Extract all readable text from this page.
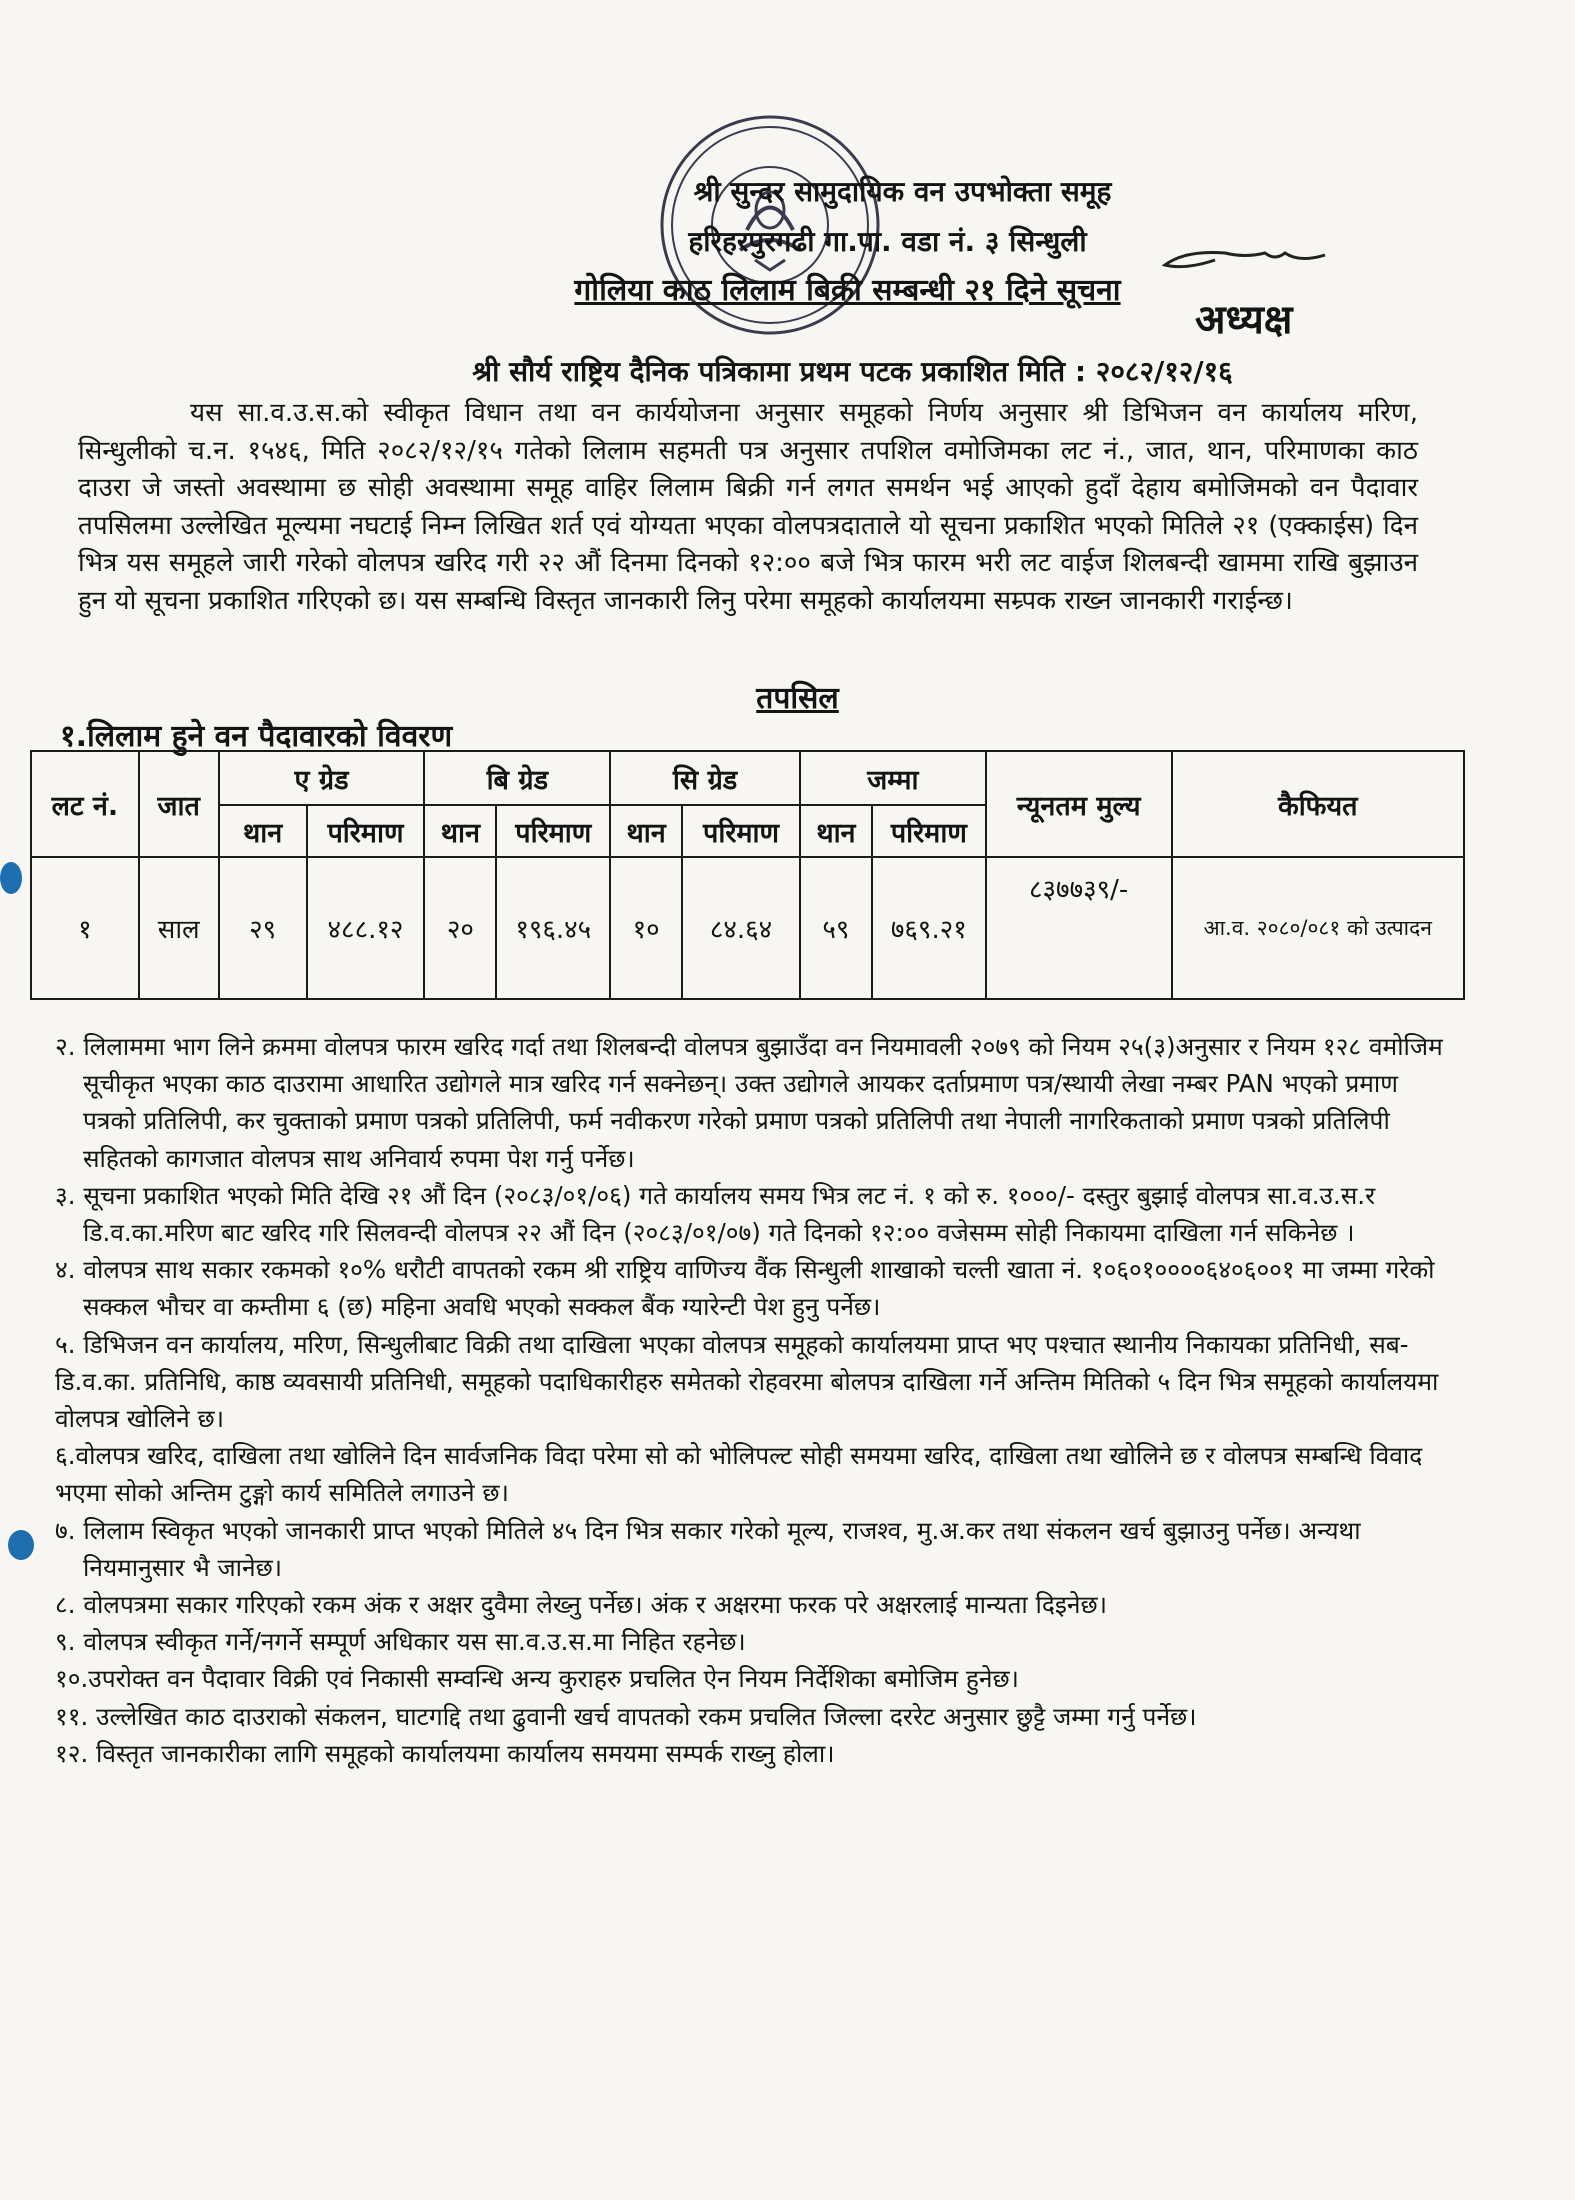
अध्यक्ष
श्री सुन्दर सामुदायिक वन उपभोक्ता समूह
हरिहरपुरगढी गा.पा. वडा नं. ३ सिन्धुली
गोलिया काठ लिलाम बिक्री सम्बन्धी २१ दिने सूचना
श्री सौर्य राष्ट्रिय दैनिक पत्रिकामा प्रथम पटक प्रकाशित मिति : २०८२/१२/१६
यस सा.व.उ.स.को स्वीकृत विधान तथा वन कार्ययोजना अनुसार समूहको निर्णय अनुसार श्री डिभिजन वन कार्यालय मरिण, सिन्धुलीको च.न. १५४६, मिति २०८२/१२/१५ गतेको लिलाम सहमती पत्र अनुसार तपशिल वमोजिमका लट नं., जात, थान, परिमाणका काठ दाउरा जे जस्तो अवस्थामा छ सोही अवस्थामा समूह वाहिर लिलाम बिक्री गर्न लगत समर्थन भई आएको हुदाँ देहाय बमोजिमको वन पैदावार तपसिलमा उल्लेखित मूल्यमा नघटाई निम्न लिखित शर्त एवं योग्यता भएका वोलपत्रदाताले यो सूचना प्रकाशित भएको मितिले २१ (एक्काईस) दिन भित्र यस समूहले जारी गरेको वोलपत्र खरिद गरी २२ औं दिनमा दिनको १२:०० बजे भित्र फारम भरी लट वाईज शिलबन्दी खाममा राखि बुझाउन हुन यो सूचना प्रकाशित गरिएको छ। यस सम्बन्धि विस्तृत जानकारी लिनु परेमा समूहको कार्यालयमा सम्र्पक राख्न जानकारी गराईन्छ।
तपसिल
१.लिलाम हुने वन पैदावारको विवरण
लट नं.	जात	ए ग्रेड		बि ग्रेड		सि ग्रेड		जम्मा		न्यूनतम मुल्य	कैफियत
		थान	परिमाण	थान	परिमाण	थान	परिमाण	थान	परिमाण		
१	साल	२९	४८८.१२	२०	१९६.४५	१०	८४.६४	५९	७६९.२१	८३७७३९/-	आ.व. २०८०/०८१ को उत्पादन

२. लिलाममा भाग लिने क्रममा वोलपत्र फारम खरिद गर्दा तथा शिलबन्दी वोलपत्र बुझाउँदा वन नियमावली २०७९ को नियम २५(३)अनुसार र नियम १२८ वमोजिम सूचीकृत भएका काठ दाउरामा आधारित उद्योगले मात्र खरिद गर्न सक्नेछन्। उक्त उद्योगले आयकर दर्ताप्रमाण पत्र/स्थायी लेखा नम्बर PAN भएको प्रमाण पत्रको प्रतिलिपी, कर चुक्ताको प्रमाण पत्रको प्रतिलिपी, फर्म नवीकरण गरेको प्रमाण पत्रको प्रतिलिपी तथा नेपाली नागरिकताको प्रमाण पत्रको प्रतिलिपी सहितको कागजात वोलपत्र साथ अनिवार्य रुपमा पेश गर्नु पर्नेछ।

३. सूचना प्रकाशित भएको मिति देखि २१ औं दिन (२०८३/०१/०६) गते कार्यालय समय भित्र लट नं. १ को रु. १०००/- दस्तुर बुझाई वोलपत्र सा.व.उ.स.र डि.व.का.मरिण बाट खरिद गरि सिलवन्दी वोलपत्र २२ औं दिन (२०८३/०१/०७) गते दिनको १२:०० वजेसम्म सोही निकायमा दाखिला गर्न सकिनेछ ।

४. वोलपत्र साथ सकार रकमको १०% धरौटी वापतको रकम श्री राष्ट्रिय वाणिज्य वैंक सिन्धुली शाखाको चल्ती खाता नं. १०६०१००००६४०६००१ मा जम्मा गरेको सक्कल भौचर वा कम्तीमा ६ (छ) महिना अवधि भएको सक्कल बैंक ग्यारेन्टी पेश हुनु पर्नेछ।

५. डिभिजन वन कार्यालय, मरिण, सिन्धुलीबाट विक्री तथा दाखिला भएका वोलपत्र समूहको कार्यालयमा प्राप्त भए पश्चात स्थानीय निकायका प्रतिनिधी, सब-डि.व.का. प्रतिनिधि, काष्ठ व्यवसायी प्रतिनिधी, समूहको पदाधिकारीहरु समेतको रोहवरमा बोलपत्र दाखिला गर्ने अन्तिम मितिको ५ दिन भित्र समूहको कार्यालयमा वोलपत्र खोलिने छ।

६.वोलपत्र खरिद, दाखिला तथा खोलिने दिन सार्वजनिक विदा परेमा सो को भोलिपल्ट सोही समयमा खरिद, दाखिला तथा खोलिने छ र वोलपत्र सम्बन्धि विवाद भएमा सोको अन्तिम टुङ्गो कार्य समितिले लगाउने छ।

७. लिलाम स्विकृत भएको जानकारी प्राप्त भएको मितिले ४५ दिन भित्र सकार गरेको मूल्य, राजश्व, मु.अ.कर तथा संकलन खर्च बुझाउनु पर्नेछ। अन्यथा नियमानुसार भै जानेछ।

८. वोलपत्रमा सकार गरिएको रकम अंक र अक्षर दुवैमा लेख्नु पर्नेछ। अंक र अक्षरमा फरक परे अक्षरलाई मान्यता दिइनेछ।

९. वोलपत्र स्वीकृत गर्ने/नगर्ने सम्पूर्ण अधिकार यस सा.व.उ.स.मा निहित रहनेछ।

१०.उपरोक्त वन पैदावार विक्री एवं निकासी सम्वन्धि अन्य कुराहरु प्रचलित ऐन नियम निर्देशिका बमोजिम हुनेछ।

११. उल्लेखित काठ दाउराको संकलन, घाटगद्दि तथा ढुवानी खर्च वापतको रकम प्रचलित जिल्ला दररेट अनुसार छुट्टै जम्मा गर्नु पर्नेछ।

१२. विस्तृत जानकारीका लागि समूहको कार्यालयमा कार्यालय समयमा सम्पर्क राख्नु होला।
